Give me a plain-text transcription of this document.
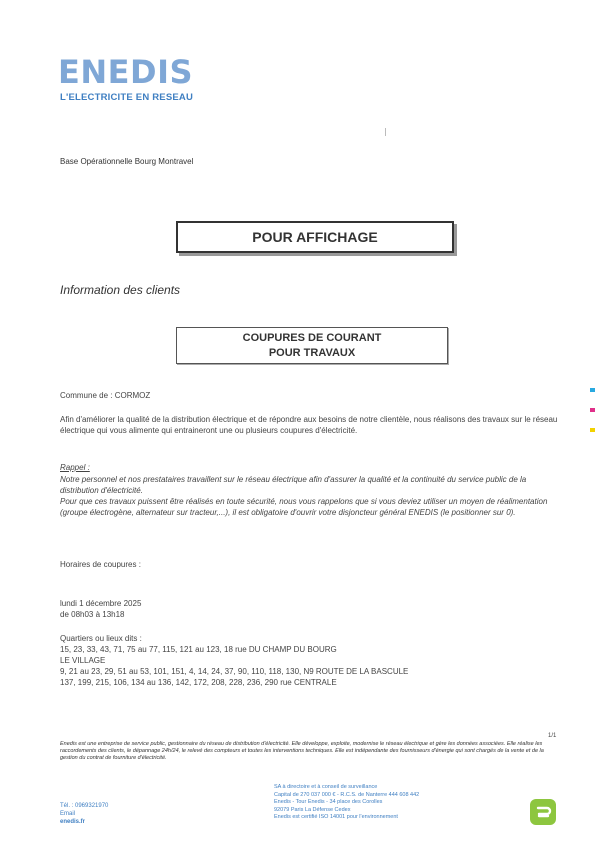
ENEDIS
L'ELECTRICITE EN RESEAU
Base Opérationnelle Bourg Montravel
POUR AFFICHAGE
Information des clients
COUPURES DE COURANT
POUR TRAVAUX
Commune de : CORMOZ
Afin d'améliorer la qualité de la distribution électrique et de répondre aux besoins de notre clientèle, nous réalisons des travaux sur le réseau électrique qui vous alimente qui entraineront une ou plusieurs coupures d'électricité.
Rappel :
Notre personnel et nos prestataires travaillent sur le réseau électrique afin d'assurer la qualité et la continuité du service public de la distribution d'électricité.
Pour que ces travaux puissent être réalisés en toute sécurité, nous vous rappelons que si vous deviez utiliser un moyen de réalimentation (groupe électrogène, alternateur sur tracteur,...), il est obligatoire d'ouvrir votre disjoncteur général ENEDIS (le positionner sur 0).
Horaires de coupures :
lundi 1 décembre 2025
de 08h03 à 13h18
Quartiers ou lieux dits :
15, 23, 33, 43, 71, 75 au 77, 115, 121 au 123, 18 rue DU CHAMP DU BOURG
LE VILLAGE
9, 21 au 23, 29, 51 au 53, 101, 151, 4, 14, 24, 37, 90, 110, 118, 130, N9 ROUTE DE LA BASCULE
137, 199, 215, 106, 134 au 136, 142, 172, 208, 228, 236, 290 rue CENTRALE
1/1
Enedis est une entreprise de service public, gestionnaire du réseau de distribution d'électricité. Elle développe, exploite, modernise le réseau électrique et gère les données associées. Elle réalise les raccordements des clients, le dépannage 24h/24, le relevé des compteurs et toutes les interventions techniques. Elle est indépendante des fournisseurs d'énergie qui sont chargés de la vente et de la gestion du contrat de fourniture d'électricité.
Tél. : 0969321970
Email
enedis.fr
SA à directoire et à conseil de surveillance
Capital de 270 037 000 € - R.C.S. de Nanterre 444 608 442
Enedis - Tour Enedis - 34 place des Corolles
92079 Paris La Défense Cedex
Enedis est certifié ISO 14001 pour l'environnement
